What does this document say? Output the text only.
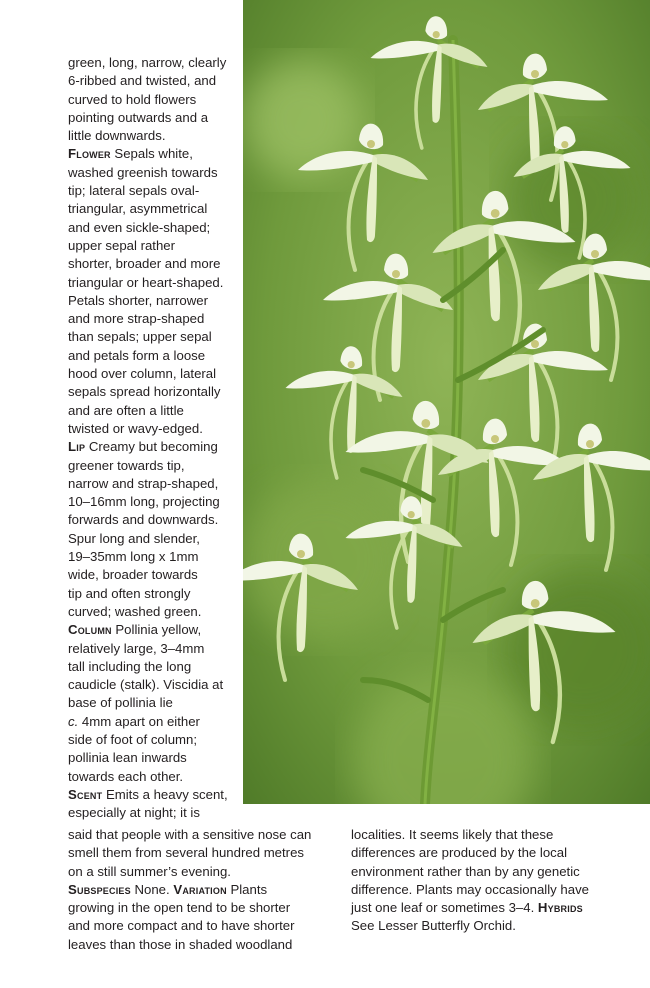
green, long, narrow, clearly
6-ribbed and twisted, and
curved to hold flowers
pointing outwards and a
little downwards.
Flower Sepals white,
washed greenish towards
tip; lateral sepals oval-
triangular, asymmetrical
and even sickle-shaped;
upper sepal rather
shorter, broader and more
triangular or heart-shaped.
Petals shorter, narrower
and more strap-shaped
than sepals; upper sepal
and petals form a loose
hood over column, lateral
sepals spread horizontally
and are often a little
twisted or wavy-edged.
Lip Creamy but becoming
greener towards tip,
narrow and strap-shaped,
10–16mm long, projecting
forwards and downwards.
Spur long and slender,
19–35mm long x 1mm
wide, broader towards
tip and often strongly
curved; washed green.
Column Pollinia yellow,
relatively large, 3–4mm
tall including the long
caudicle (stalk). Viscidia at
base of pollinia lie
c. 4mm apart on either
side of foot of column;
pollinia lean inwards
towards each other.
Scent Emits a heavy scent,
especially at night; it is
said that people with a sensitive nose can
smell them from several hundred metres
on a still summer’s evening.
Subspecies None. Variation Plants
growing in the open tend to be shorter
and more compact and to have shorter
leaves than those in shaded woodland
localities. It seems likely that these
differences are produced by the local
environment rather than by any genetic
difference. Plants may occasionally have
just one leaf or sometimes 3–4. Hybrids
See Lesser Butterfly Orchid.
